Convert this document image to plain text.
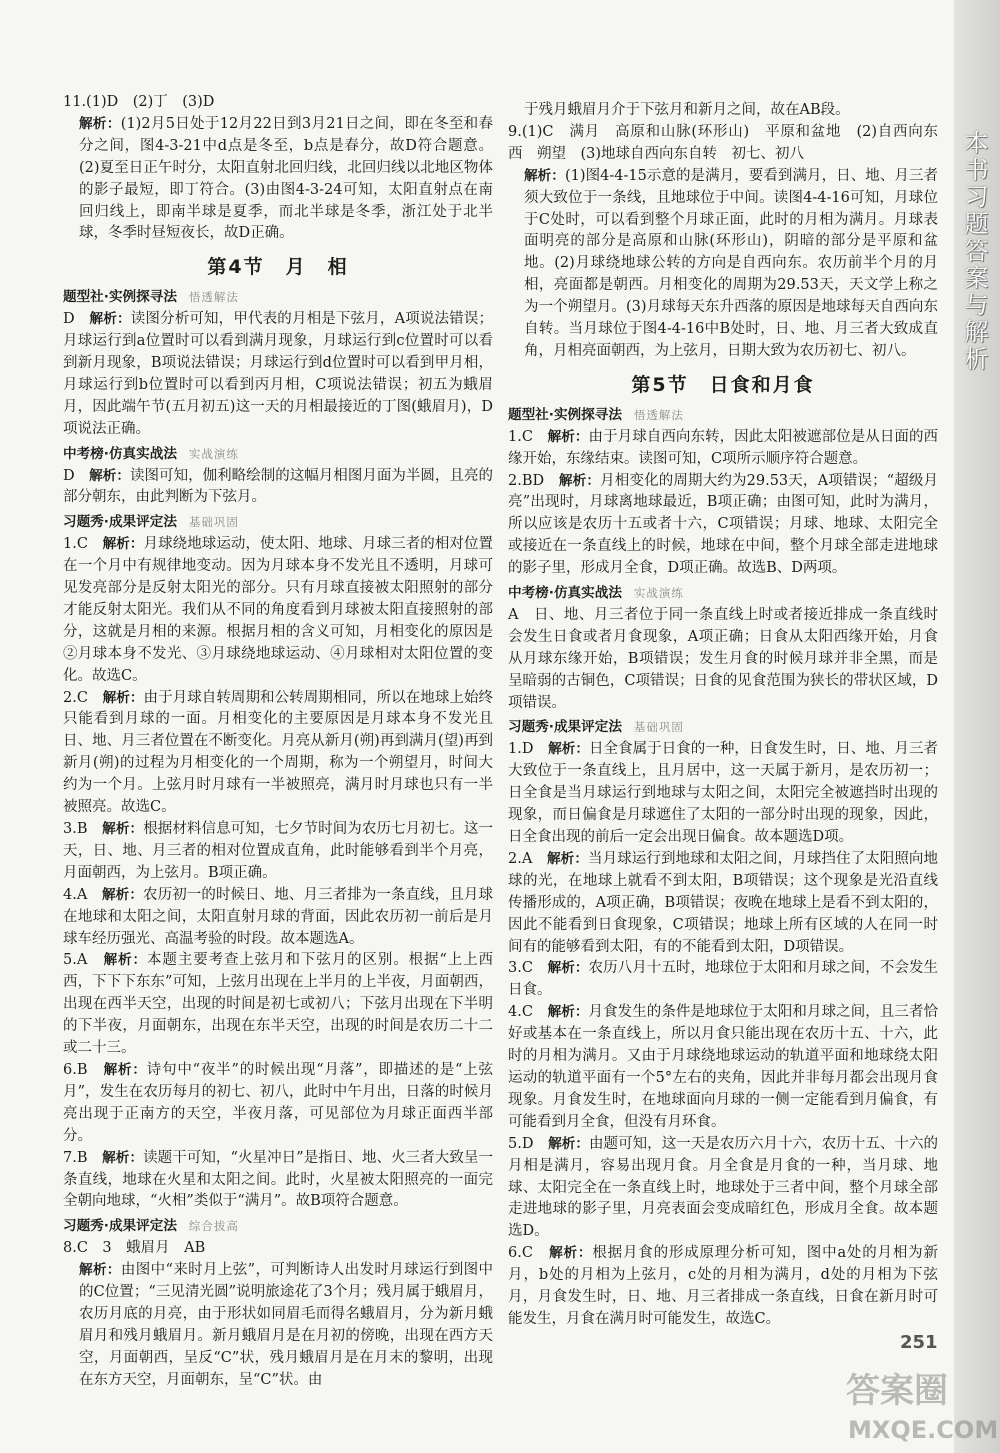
本书习题答案与解析

11.(1)D　(2)丁　(3)D

解析：(1)2月5日处于12月22日到3月21日之间，即在冬至和春分之间，图4-3-21中d点是冬至，b点是春分，故D符合题意。(2)夏至日正午时分，太阳直射北回归线，北回归线以北地区物体的影子最短，即丁符合。(3)由图4-3-24可知，太阳直射点在南回归线上，即南半球是夏季，而北半球是冬季，浙江处于北半球，冬季时昼短夜长，故D正确。

第4节　月　相
题型社·实例探寻法 悟透解法

D　解析：读图分析可知，甲代表的月相是下弦月，A项说法错误；月球运行到a位置时可以看到满月现象，月球运行到c位置时可以看到新月现象，B项说法错误；月球运行到d位置时可以看到甲月相，月球运行到b位置时可以看到丙月相，C项说法错误；初五为蛾眉月，因此端午节(五月初五)这一天的月相最接近的丁图(蛾眉月)，D项说法正确。

中考榜·仿真实战法 实战演练

D　解析：读图可知，伽利略绘制的这幅月相图月面为半圆，且亮的部分朝东，由此判断为下弦月。

习题秀·成果评定法 基础巩固

1.C　解析：月球绕地球运动，使太阳、地球、月球三者的相对位置在一个月中有规律地变动。因为月球本身不发光且不透明，月球可见发亮部分是反射太阳光的部分。只有月球直接被太阳照射的部分才能反射太阳光。我们从不同的角度看到月球被太阳直接照射的部分，这就是月相的来源。根据月相的含义可知，月相变化的原因是②月球本身不发光、③月球绕地球运动、④月球相对太阳位置的变化。故选C。

2.C　解析：由于月球自转周期和公转周期相同，所以在地球上始终只能看到月球的一面。月相变化的主要原因是月球本身不发光且日、地、月三者位置在不断变化。月亮从新月(朔)再到满月(望)再到新月(朔)的过程为月相变化的一个周期，称为一个朔望月，时间大约为一个月。上弦月时月球有一半被照亮，满月时月球也只有一半被照亮。故选C。

3.B　解析：根据材料信息可知，七夕节时间为农历七月初七。这一天，日、地、月三者的相对位置成直角，此时能够看到半个月亮，月面朝西，为上弦月。B项正确。

4.A　解析：农历初一的时候日、地、月三者排为一条直线，且月球在地球和太阳之间，太阳直射月球的背面，因此农历初一前后是月球车经历强光、高温考验的时段。故本题选A。

5.A　解析：本题主要考查上弦月和下弦月的区别。根据“上上西西，下下下东东”可知，上弦月出现在上半月的上半夜，月面朝西，出现在西半天空，出现的时间是初七或初八；下弦月出现在下半明的下半夜，月面朝东，出现在东半天空，出现的时间是农历二十二或二十三。

6.B　解析：诗句中“夜半”的时候出现“月落”，即描述的是“上弦月”，发生在农历每月的初七、初八，此时中午月出，日落的时候月亮出现于正南方的天空，半夜月落，可见部位为月球正面西半部分。

7.B　解析：读题干可知，“火星冲日”是指日、地、火三者大致呈一条直线，地球在火星和太阳之间。此时，火星被太阳照亮的一面完全朝向地球，“火相”类似于“满月”。故B项符合题意。

习题秀·成果评定法 综合拔高

8.C　3　蛾眉月　AB

解析：由图中“来时月上弦”，可判断诗人出发时月球运行到图中的C位置；“三见清光圆”说明旅途花了3个月；残月属于蛾眉月，农历月底的月亮，由于形状如同眉毛而得名蛾眉月，分为新月蛾眉月和残月蛾眉月。新月蛾眉月是在月初的傍晚，出现在西方天空，月面朝西，呈反“C”状，残月蛾眉月是在月末的黎明，出现在东方天空，月面朝东，呈“C”状。由

于残月蛾眉月介于下弦月和新月之间，故在AB段。

9.(1)C　满月　高原和山脉(环形山)　平原和盆地　(2)自西向东　西　朔望　(3)地球自西向东自转　初七、初八

解析：(1)图4-4-15示意的是满月，要看到满月，日、地、月三者须大致位于一条线，且地球位于中间。读图4-4-16可知，月球位于C处时，可以看到整个月球正面，此时的月相为满月。月球表面明亮的部分是高原和山脉(环形山)，阴暗的部分是平原和盆地。(2)月球绕地球公转的方向是自西向东。农历前半个月的月相，亮面都是朝西。月相变化的周期为29.53天，天文学上称之为一个朔望月。(3)月球每天东升西落的原因是地球每天自西向东自转。当月球位于图4-4-16中B处时，日、地、月三者大致成直角，月相亮面朝西，为上弦月，日期大致为农历初七、初八。

第5节　日食和月食
题型社·实例探寻法 悟透解法

1.C　解析：由于月球自西向东转，因此太阳被遮部位是从日面的西缘开始，东缘结束。读图可知，C项所示顺序符合题意。

2.BD　解析：月相变化的周期大约为29.53天，A项错误；“超级月亮”出现时，月球离地球最近，B项正确；由图可知，此时为满月，所以应该是农历十五或者十六，C项错误；月球、地球、太阳完全或接近在一条直线上的时候，地球在中间，整个月球全部走进地球的影子里，形成月全食，D项正确。故选B、D两项。

中考榜·仿真实战法 实战演练

A　日、地、月三者位于同一条直线上时或者接近排成一条直线时会发生日食或者月食现象，A项正确；日食从太阳西缘开始，月食从月球东缘开始，B项错误；发生月食的时候月球并非全黑，而是呈暗弱的古铜色，C项错误；日食的见食范围为狭长的带状区域，D项错误。

习题秀·成果评定法 基础巩固

1.D　解析：日全食属于日食的一种，日食发生时，日、地、月三者大致位于一条直线上，且月居中，这一天属于新月，是农历初一；日全食是当月球运行到地球与太阳之间，太阳完全被遮挡时出现的现象，而日偏食是月球遮住了太阳的一部分时出现的现象，因此，日全食出现的前后一定会出现日偏食。故本题选D项。

2.A　解析：当月球运行到地球和太阳之间，月球挡住了太阳照向地球的光，在地球上就看不到太阳，B项错误；这个现象是光沿直线传播形成的，A项正确，B项错误；夜晚在地球上是看不到太阳的，因此不能看到日食现象，C项错误；地球上所有区域的人在同一时间有的能够看到太阳，有的不能看到太阳，D项错误。

3.C　解析：农历八月十五时，地球位于太阳和月球之间，不会发生日食。

4.C　解析：月食发生的条件是地球位于太阳和月球之间，且三者恰好或基本在一条直线上，所以月食只能出现在农历十五、十六，此时的月相为满月。又由于月球绕地球运动的轨道平面和地球绕太阳运动的轨道平面有一个5°左右的夹角，因此并非每月都会出现月食现象。月食发生时，在地球面向月球的一侧一定能看到月偏食，有可能看到月全食，但没有月环食。

5.D　解析：由题可知，这一天是农历六月十六，农历十五、十六的月相是满月，容易出现月食。月全食是月食的一种，当月球、地球、太阳完全在一条直线上时，地球处于三者中间，整个月球全部走进地球的影子里，月亮表面会变成暗红色，形成月全食。故本题选D。

6.C　解析：根据月食的形成原理分析可知，图中a处的月相为新月，b处的月相为上弦月，c处的月相为满月，d处的月相为下弦月，月食发生时，日、地、月三者排成一条直线，日食在新月时可能发生，月食在满月时可能发生，故选C。

251
答案圈
MXQE.COM
